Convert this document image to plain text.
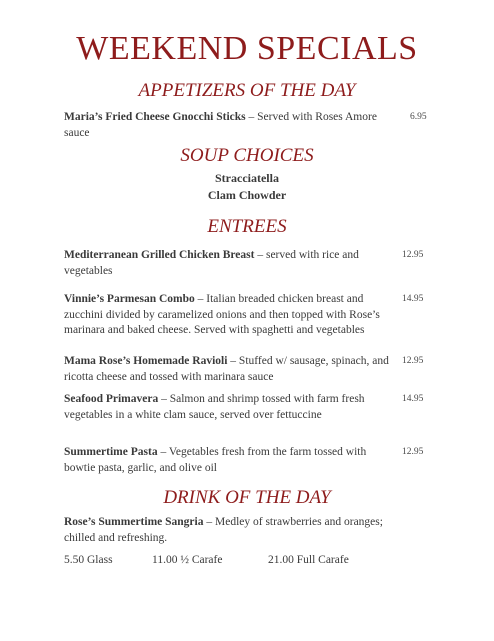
WEEKEND SPECIALS
APPETIZERS OF THE DAY
Maria’s Fried Cheese Gnocchi Sticks – Served with Roses Amore sauce
6.95
SOUP CHOICES
Stracciatella
Clam Chowder
ENTREES
Mediterranean Grilled Chicken Breast – served with rice and vegetables
12.95
Vinnie’s Parmesan Combo – Italian breaded chicken breast and zucchini divided by caramelized onions and then topped with Rose’s marinara and baked cheese. Served with spaghetti and vegetables
14.95
Mama Rose’s Homemade Ravioli – Stuffed w/ sausage, spinach, and ricotta cheese and tossed with marinara sauce
12.95
Seafood Primavera – Salmon and shrimp tossed with farm fresh vegetables in a white clam sauce, served over fettuccine
14.95
Summertime Pasta – Vegetables fresh from the farm tossed with bowtie pasta, garlic, and olive oil
12.95
DRINK OF THE DAY
Rose’s Summertime Sangria – Medley of strawberries and oranges; chilled and refreshing.
5.50 Glass	11.00 ½ Carafe	21.00 Full Carafe
